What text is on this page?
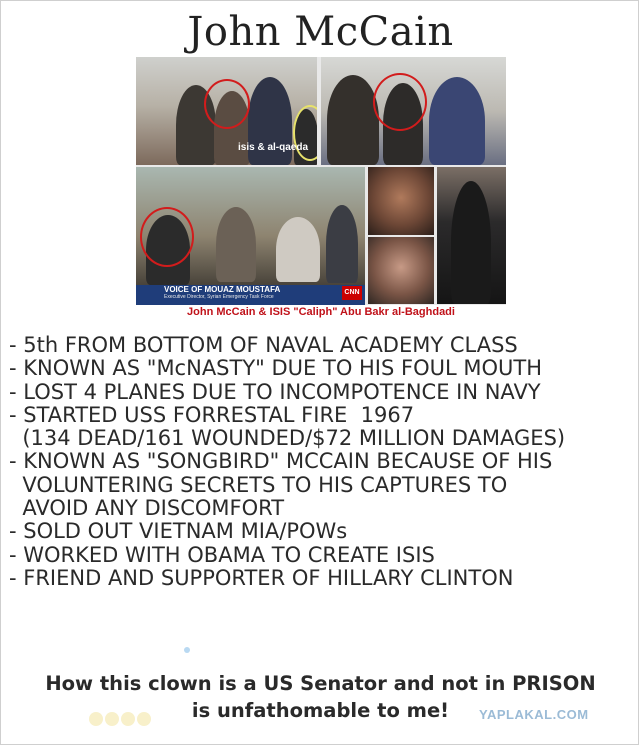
John McCain
isis & al-qaeda
VOICE OF MOUAZ MOUSTAFA
Executive Director, Syrian Emergency Task Force
CNN
John McCain & ISIS "Caliph" Abu Bakr al-Baghdadi
- 5th FROM BOTTOM OF NAVAL ACADEMY CLASS
- KNOWN AS "McNASTY" DUE TO HIS FOUL MOUTH
- LOST 4 PLANES DUE TO INCOMPOTENCE IN NAVY
- STARTED USS FORRESTAL FIRE  1967
(134 DEAD/161 WOUNDED/$72 MILLION DAMAGES)
- KNOWN AS "SONGBIRD" MCCAIN BECAUSE OF HIS
VOLUNTERING SECRETS TO HIS CAPTURES TO
AVOID ANY DISCOMFORT
- SOLD OUT VIETNAM MIA/POWs
- WORKED WITH OBAMA TO CREATE ISIS
- FRIEND AND SUPPORTER OF HILLARY CLINTON
How this clown is a US Senator and not in PRISON
is unfathomable to me!	YAPLAKAL.COM
